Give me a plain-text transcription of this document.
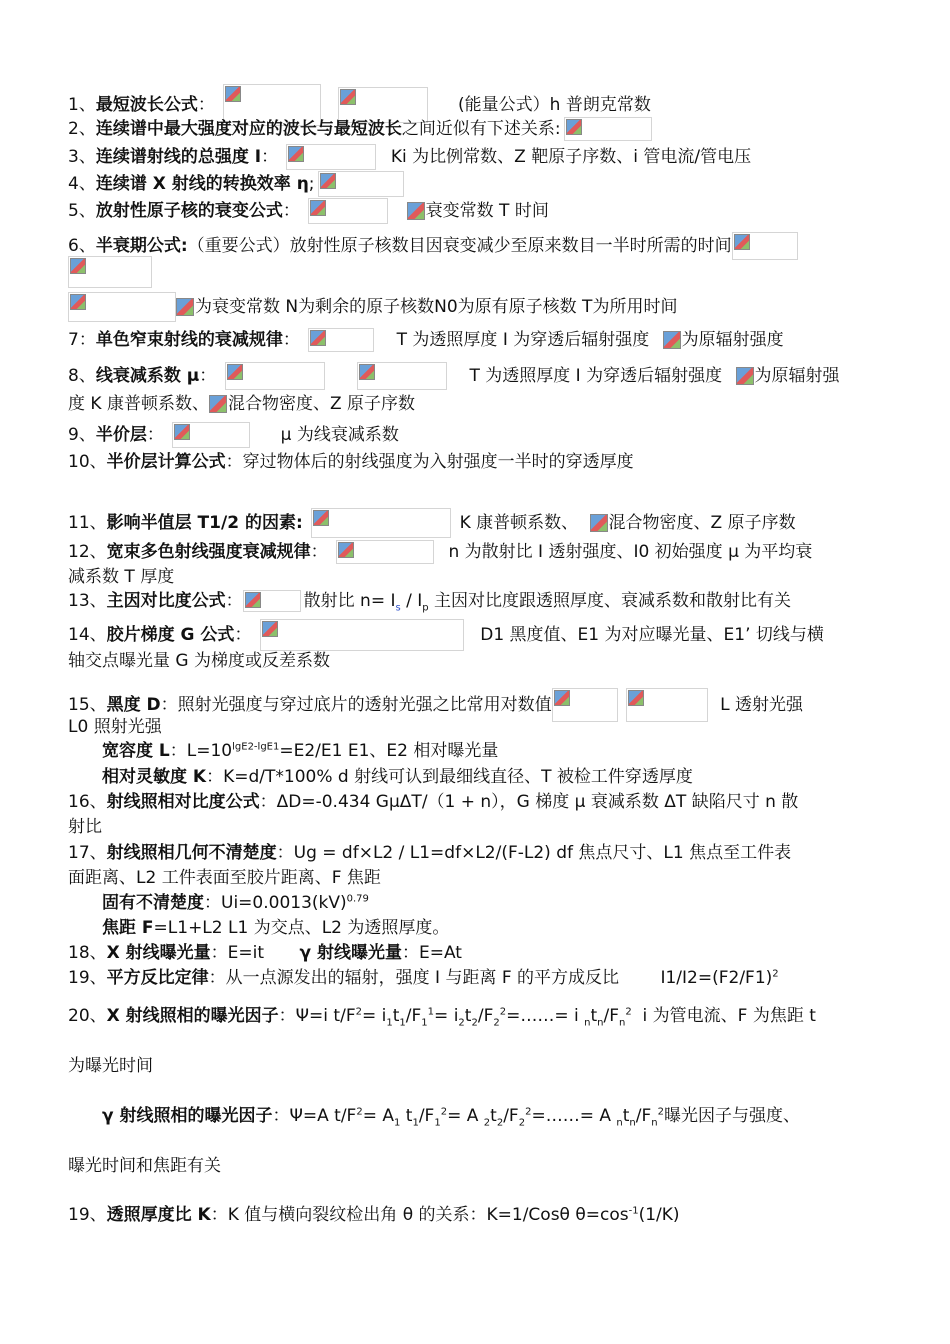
1、最短波长公式：	(能量公式）h 普朗克常数
2、连续谱中最大强度对应的波长与最短波长之间近似有下述关系:
3、连续谱射线的总强度 I：	Ki 为比例常数、Z 靶原子序数、i 管电流/管电压
4、连续谱 X 射线的转换效率 η;
5、放射性原子核的衰变公式：	衰变常数 T 时间
6、半衰期公式:（重要公式）放射性原子核数目因衰变减少至原来数目一半时所需的时间
为衰变常数 N为剩余的原子核数N0为原有原子核数 T为所用时间
7：单色窄束射线的衰减规律：	T 为透照厚度 I 为穿透后辐射强度 为原辐射强度
8、线衰减系数 μ：	T 为透照厚度 I 为穿透后辐射强度 为原辐射强
度 K 康普顿系数、 混合物密度、Z 原子序数
9、半价层：	μ 为线衰减系数
10、半价层计算公式：穿过物体后的射线强度为入射强度一半时的穿透厚度
11、影响半值层 T1/2 的因素:	K 康普顿系数、 混合物密度、Z 原子序数
12、宽束多色射线强度衰减规律：	n 为散射比 I 透射强度、I0 初始强度 μ 为平均衰
减系数 T 厚度
13、主因对比度公式：	散射比 $n= I_s / I_p$ 主因对比度跟透照厚度、衰减系数和散射比有关
14、胶片梯度 G 公式：	D1 黑度值、E1 为对应曝光量、E1’ 切线与横
轴交点曝光量 G 为梯度或反差系数
15、黑度 D：照射光强度与穿过底片的透射光强之比常用对数值	L 透射光强
L0 照射光强
宽容度 L：$L=10^{lgE2-lgE1}=E2/E1$ E1、E2 相对曝光量
相对灵敏度 K：K=d/T*100% d 射线可认到最细线直径、T 被检工件穿透厚度
16、射线照相对比度公式：ΔD=-0.434 GμΔT/（1 + n），G 梯度 μ 衰减系数 ΔT 缺陷尺寸 n 散
射比
17、射线照相几何不清楚度：Ug = df×L2 / L1=df×L2/(F-L2) df 焦点尺寸、L1 焦点至工件表
面距离、L2 工件表面至胶片距离、F 焦距
固有不清楚度：Ui=0.0013(kV)$^{0.79}$
焦距 F=L1+L2 L1 为交点、L2 为透照厚度。
18、X 射线曝光量：E=it γ 射线曝光量：E=At
19、平方反比定律：从一点源发出的辐射，强度 I 与距离 F 的平方成反比 $I1/I2=(F2/F1)^2$
20、X 射线照相的曝光因子：Ψ=i $t/F^2= i_1t_1/F_1^1=$ $i_2t_2/F_2^2=\dots\dots= i$ $_nt_n/F_n^2$ i 为管电流、F 为焦距 t
为曝光时间
γ 射线照相的曝光因子：Ψ=A $t/F^2= A_1$ $t_1/F_1^2= A$ $_2t_2/F_2^2=\dots\dots= A$ $_nt_n/F_n^2$曝光因子与强度、
曝光时间和焦距有关
19、透照厚度比 K：K 值与横向裂纹检出角 θ 的关系：K=1/Cosθ $\theta=\cos^{-1}(1/K)$
